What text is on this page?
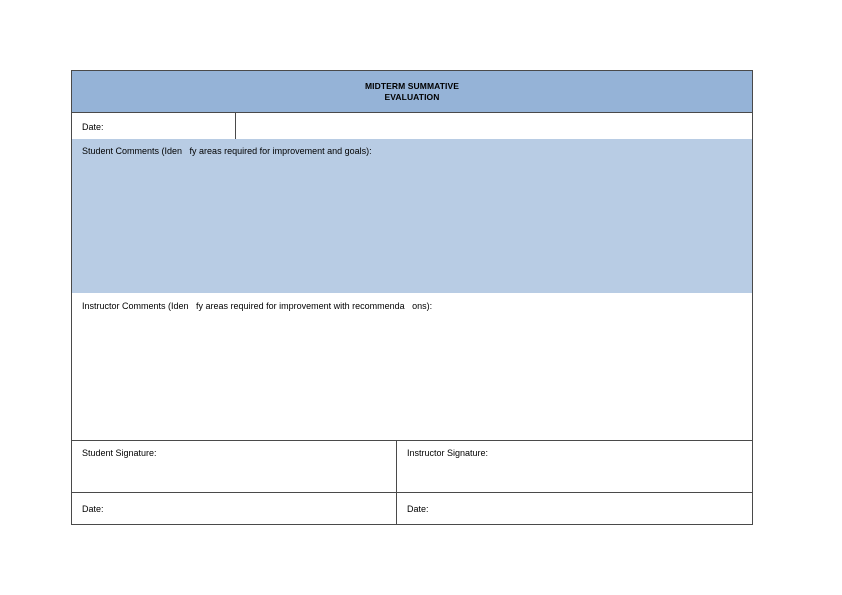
MIDTERM SUMMATIVE
EVALUATION
Date:
Student Comments (Iden   fy areas required for improvement and goals):
Instructor Comments (Iden   fy areas required for improvement with recommenda   ons):
Student Signature:	Instructor Signature:
Date:	Date:
